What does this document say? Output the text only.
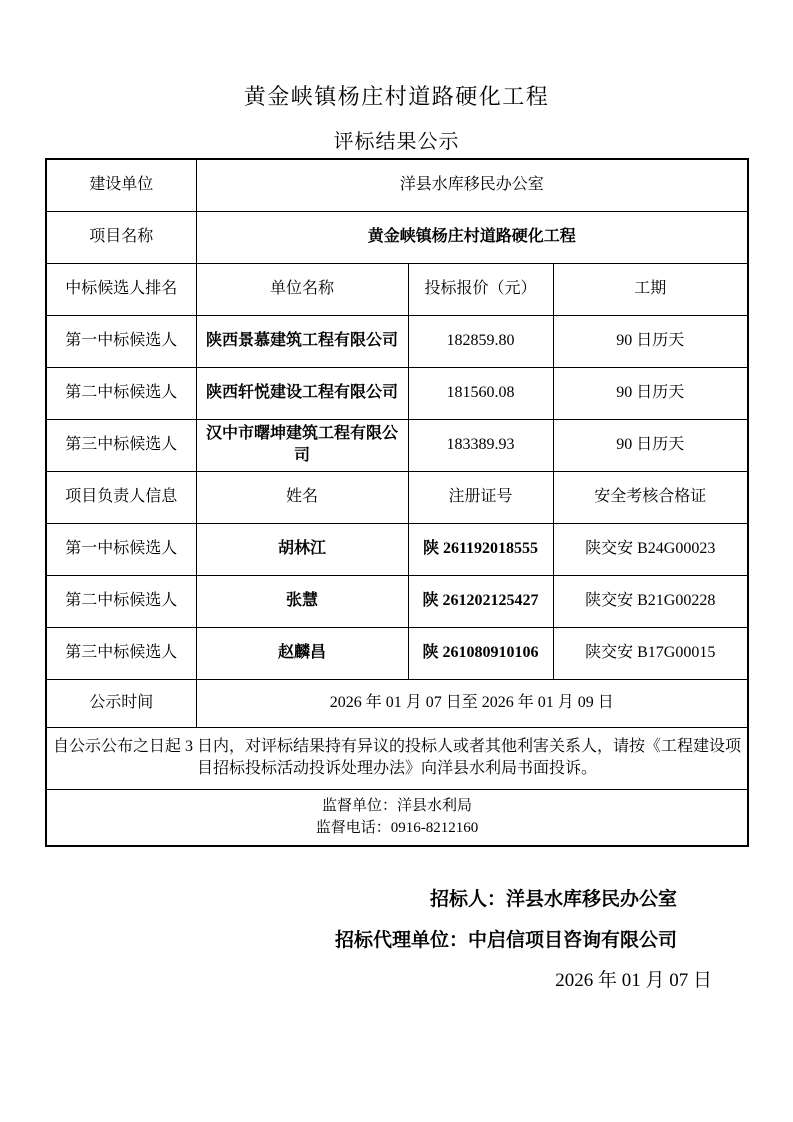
黄金峡镇杨庄村道路硬化工程
评标结果公示
建设单位	洋县水库移民办公室		
项目名称	黄金峡镇杨庄村道路硬化工程		
中标候选人排名	单位名称	投标报价（元）	工期
第一中标候选人	陕西景慕建筑工程有限公司	182859.80	90 日历天
第二中标候选人	陕西轩悦建设工程有限公司	181560.08	90 日历天
第三中标候选人	汉中市曙坤建筑工程有限公司	183389.93	90 日历天
项目负责人信息	姓名	注册证号	安全考核合格证
第一中标候选人	胡林江	陕 261192018555	陕交安 B24G00023
第二中标候选人	张慧	陕 261202125427	陕交安 B21G00228
第三中标候选人	赵麟昌	陕 261080910106	陕交安 B17G00015
公示时间	2026 年 01 月 07 日至 2026 年 01 月 09 日		
自公示公布之日起 3 日内，对评标结果持有异议的投标人或者其他利害关系人，请按《工程建设项目招标投标活动投诉处理办法》向洋县水利局书面投诉。			

监督单位：洋县水利局
监督电话：0916-8212160			
招标人：洋县水库移民办公室
招标代理单位：中启信项目咨询有限公司
2026 年 01 月 07 日
